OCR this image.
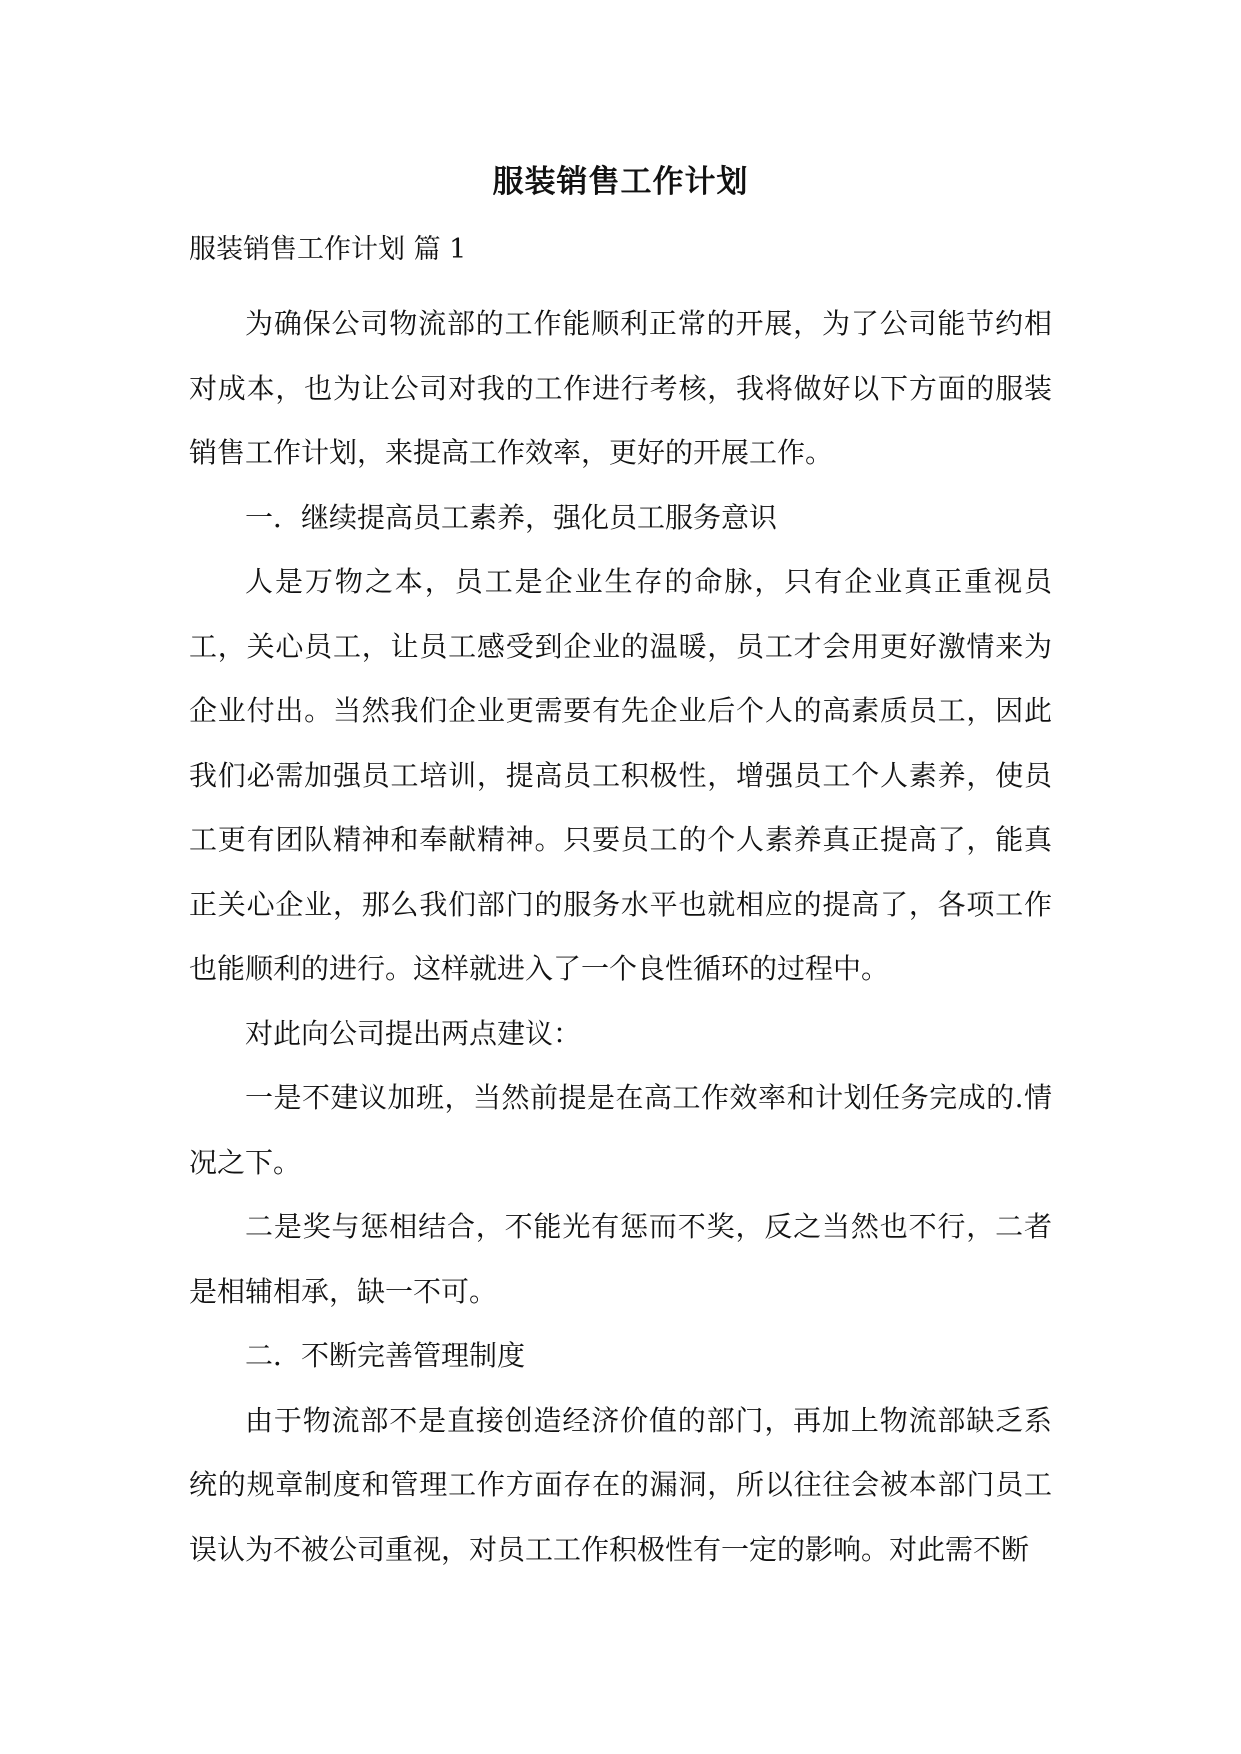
服装销售工作计划
服装销售工作计划 篇 1

为确保公司物流部的工作能顺利正常的开展，为了公司能节约相对成本，也为让公司对我的工作进行考核，我将做好以下方面的服装销售工作计划，来提高工作效率，更好的开展工作。

一．继续提高员工素养，强化员工服务意识

人是万物之本，员工是企业生存的命脉，只有企业真正重视员工，关心员工，让员工感受到企业的温暖，员工才会用更好激情来为企业付出。当然我们企业更需要有先企业后个人的高素质员工，因此我们必需加强员工培训，提高员工积极性，增强员工个人素养，使员工更有团队精神和奉献精神。只要员工的个人素养真正提高了，能真正关心企业，那么我们部门的服务水平也就相应的提高了，各项工作也能顺利的进行。这样就进入了一个良性循环的过程中。

对此向公司提出两点建议：

一是不建议加班，当然前提是在高工作效率和计划任务完成的.情况之下。

二是奖与惩相结合，不能光有惩而不奖，反之当然也不行，二者是相辅相承，缺一不可。

二．不断完善管理制度

由于物流部不是直接创造经济价值的部门，再加上物流部缺乏系统的规章制度和管理工作方面存在的漏洞，所以往往会被本部门员工误认为不被公司重视，对员工工作积极性有一定的影响。对此需不断
